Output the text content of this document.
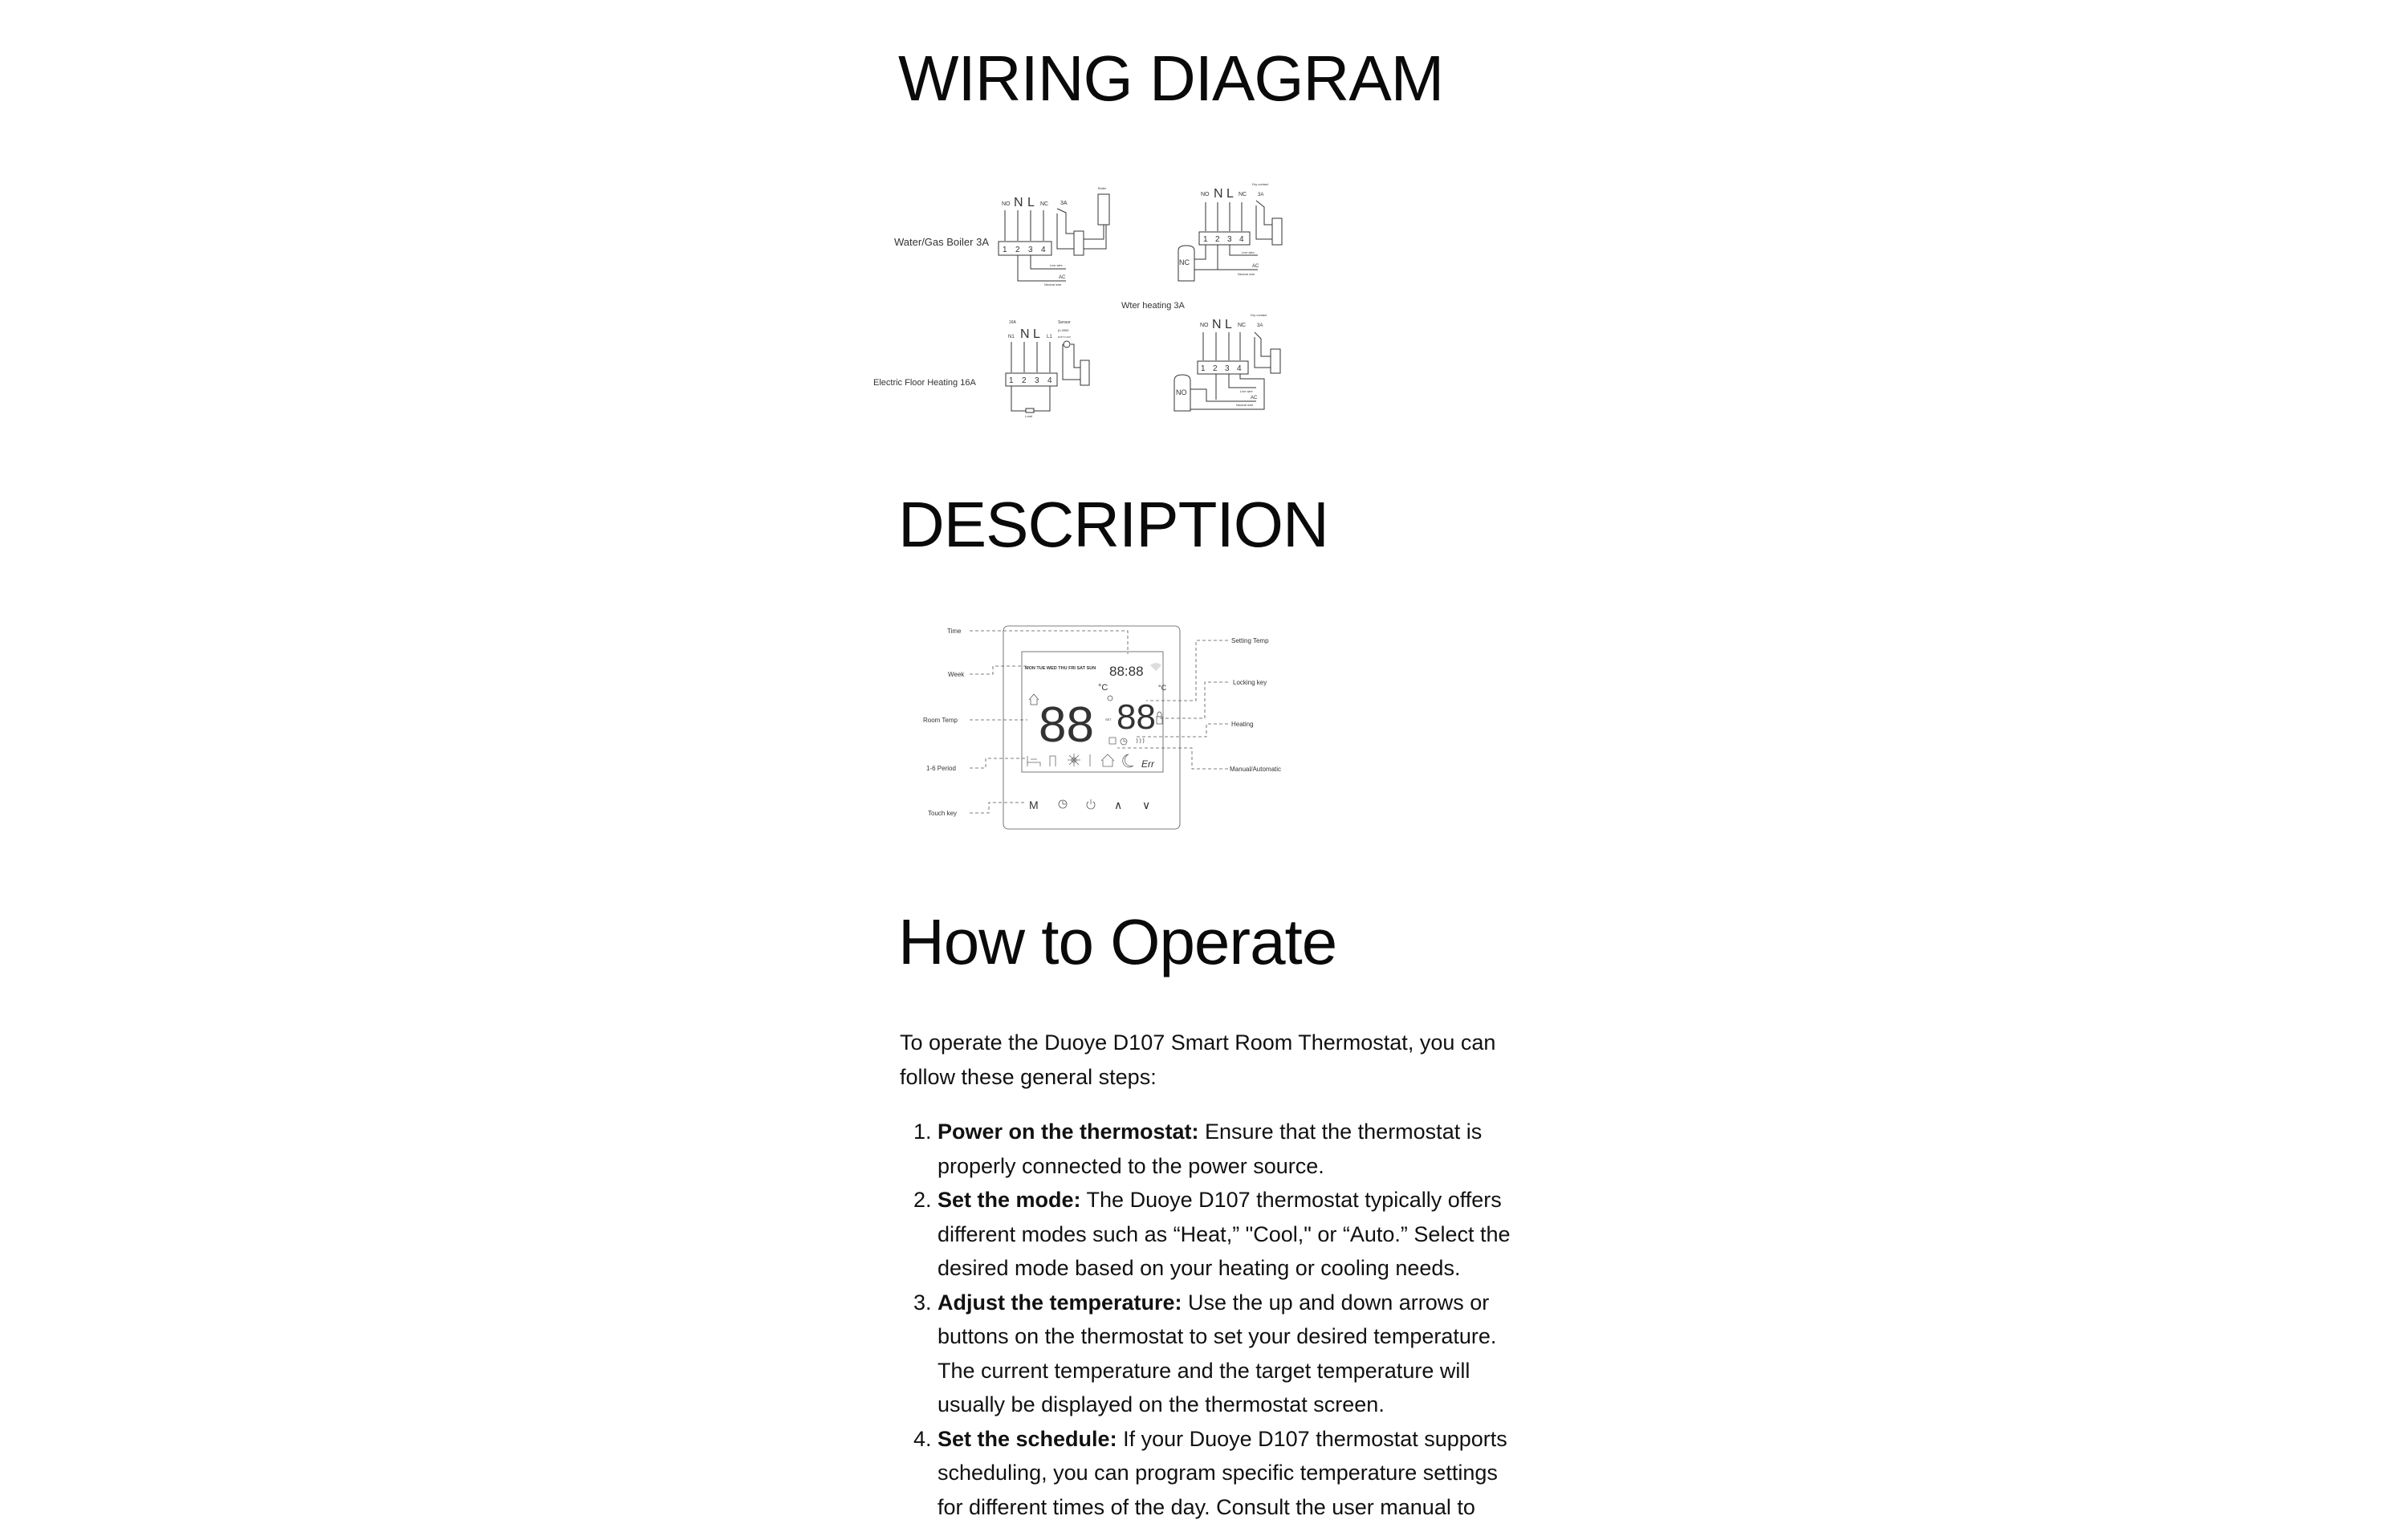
WIRING DIAGRAM
Water/Gas Boiler 3A
1 2 3 4
NO N L NC 3A
Boiler
Live wire
AC
Neutral wire
1 2 3 4
NO N L NC 3A
Dry contact
NC
Live wire
AC
Neutral wire
Wter heating 3A
Electric Floor Heating 16A	1 2 3 4
N1 N L L1
16A	Sensor
β=3950
R25°C=10K
Load
1 2 3 4
NO N L NC 3A
Dry contact
NO	Live wire
AC
Neutral wire
DESCRIPTION
Time
Week
Room Temp
1-6 Period
Touch key
Setting Temp
Locking key
Heating
Manual/Automatic
MON TUE WED THU FRI SAT SUN 88:88
88
°C
88
°C
SET
Err
M	∧ ∨
How to Operate

To operate the Duoye D107 Smart Room Thermostat, you can follow these general steps:

1. Power on the thermostat: Ensure that the thermostat is properly connected to the power source.
2. Set the mode: The Duoye D107 thermostat typically offers different modes such as “Heat,” "Cool," or “Auto.” Select the desired mode based on your heating or cooling needs.
3. Adjust the temperature: Use the up and down arrows or buttons on the thermostat to set your desired temperature. The current temperature and the target temperature will usually be displayed on the thermostat screen.
4. Set the schedule: If your Duoye D107 thermostat supports scheduling, you can program specific temperature settings for different times of the day. Consult the user manual to
